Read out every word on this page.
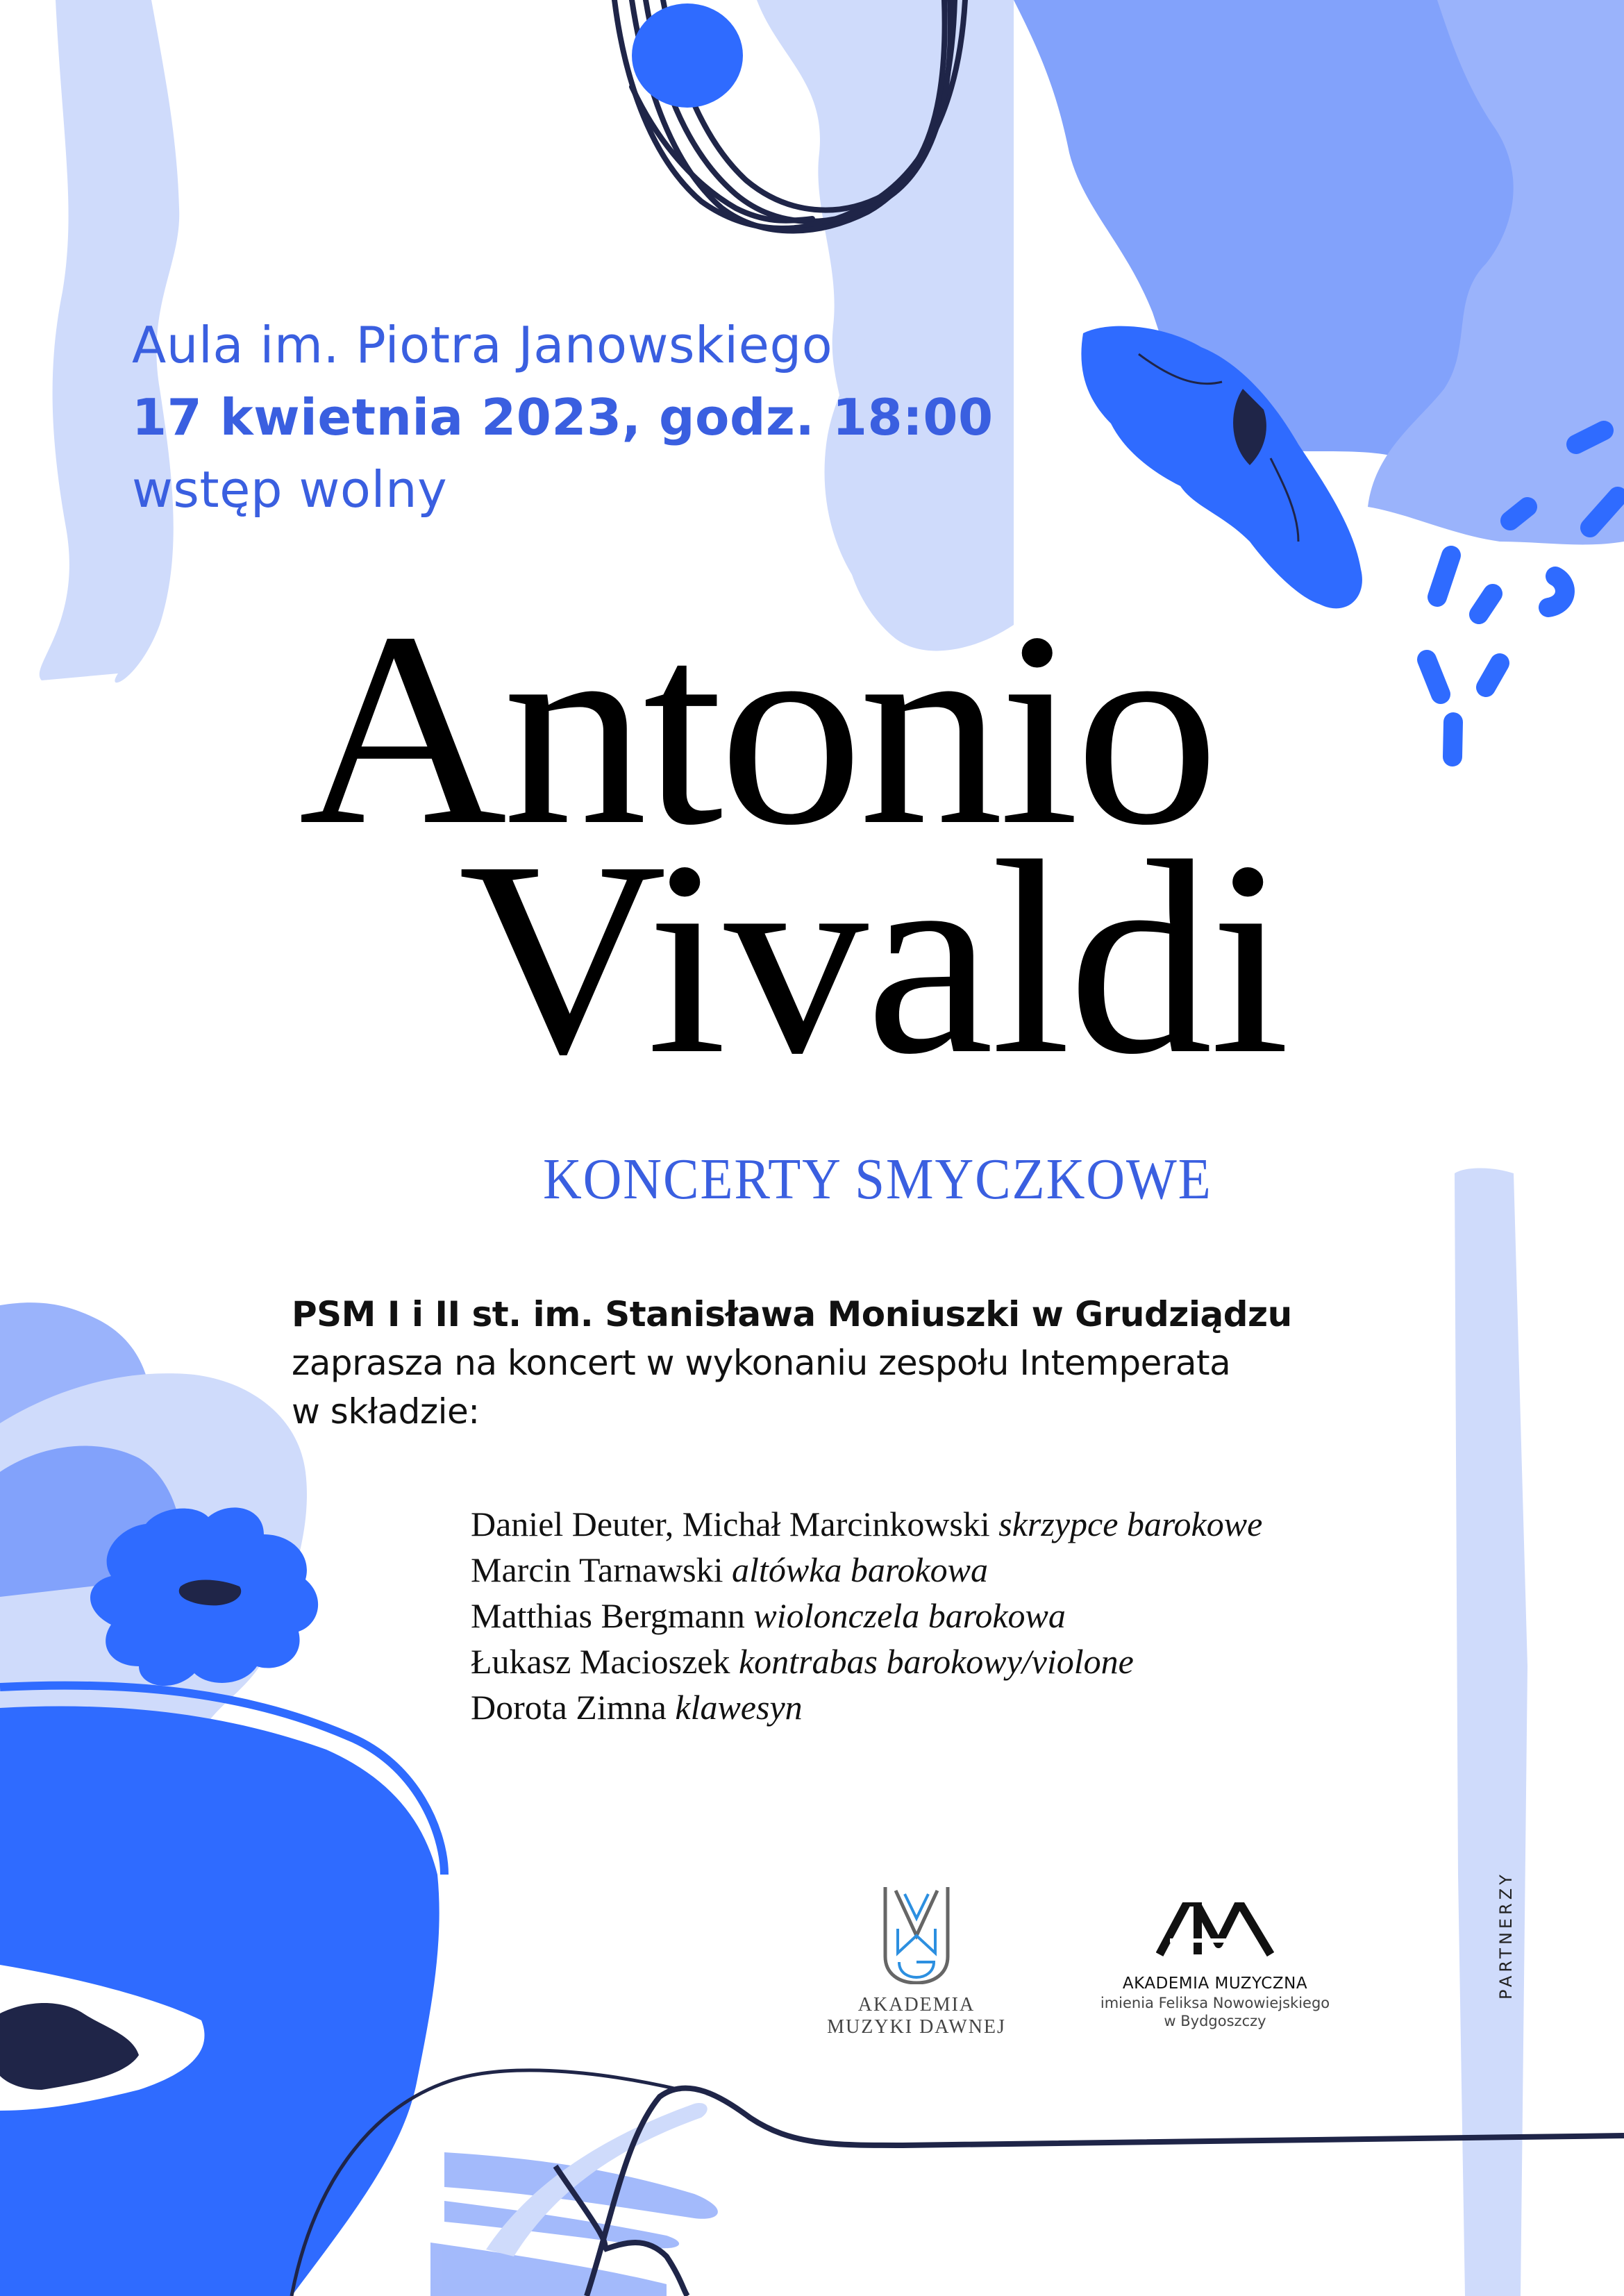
Aula im. Piotra Janowskiego
17 kwietnia 2023, godz. 18:00
wstęp wolny
Antonio
Vivaldi
KONCERTY SMYCZKOWE
PSM I i II st. im. Stanisława Moniuszki w Grudziądzu
zaprasza na koncert w wykonaniu zespołu Intemperata
w składzie:
Daniel Deuter, Michał Marcinkowski skrzypce barokowe
Marcin Tarnawski altówka barokowa
Matthias Bergmann wiolonczela barokowa
Łukasz Macioszek kontrabas barokowy/violone
Dorota Zimna klawesyn
AKADEMIA
MUZYKI DAWNEJ
AKADEMIA MUZYCZNA
imienia Feliksa Nowowiejskiego
w Bydgoszczy
PARTNERZY
